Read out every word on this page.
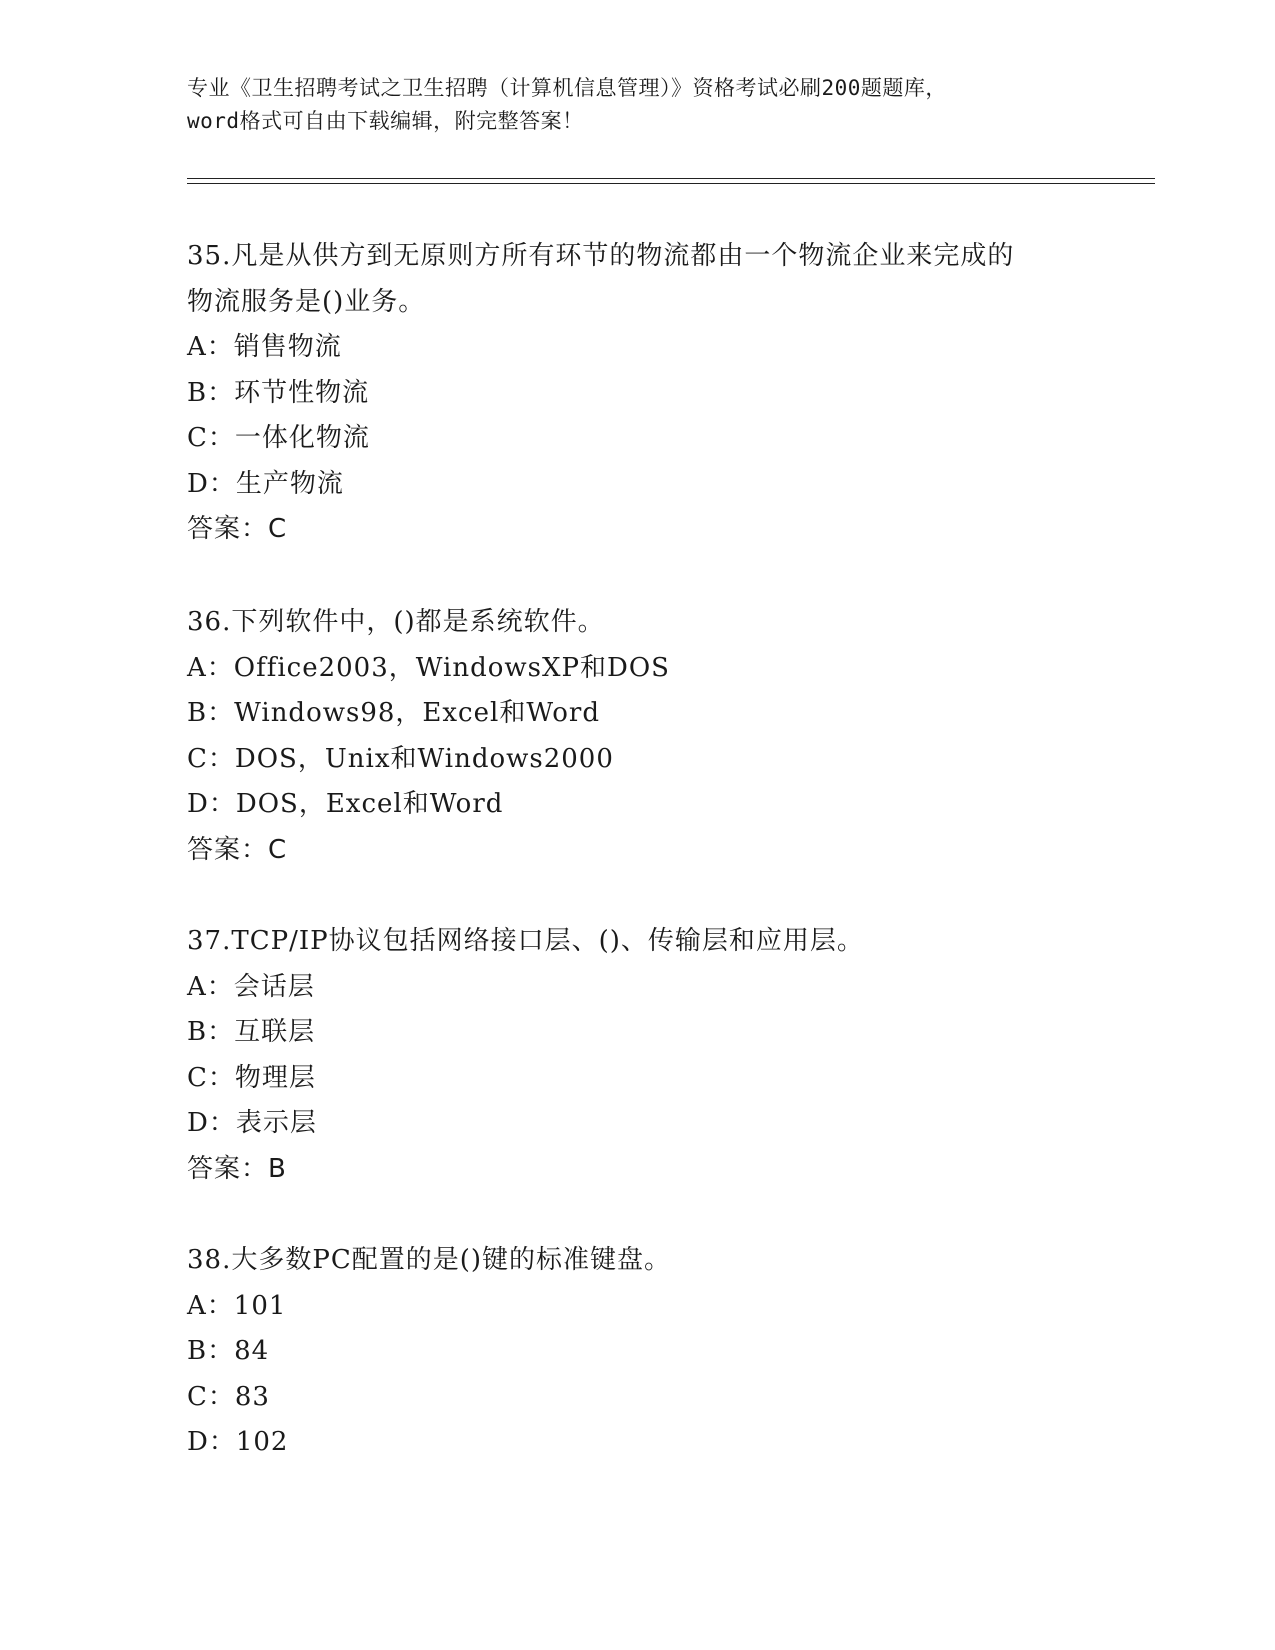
专业《卫生招聘考试之卫生招聘（计算机信息管理）》资格考试必刷200题题库，
word格式可自由下载编辑，附完整答案！
35.凡是从供方到无原则方所有环节的物流都由一个物流企业来完成的
物流服务是()业务。
A：销售物流
B：环节性物流
C：一体化物流
D：生产物流
答案：C
36.下列软件中，()都是系统软件。
A：Office2003，WindowsXP和DOS
B：Windows98，Excel和Word
C：DOS，Unix和Windows2000
D：DOS，Excel和Word
答案：C
37.TCP/IP协议包括网络接口层、()、传输层和应用层。
A：会话层
B：互联层
C：物理层
D：表示层
答案：B
38.大多数PC配置的是()键的标准键盘。
A：101
B：84
C：83
D：102
